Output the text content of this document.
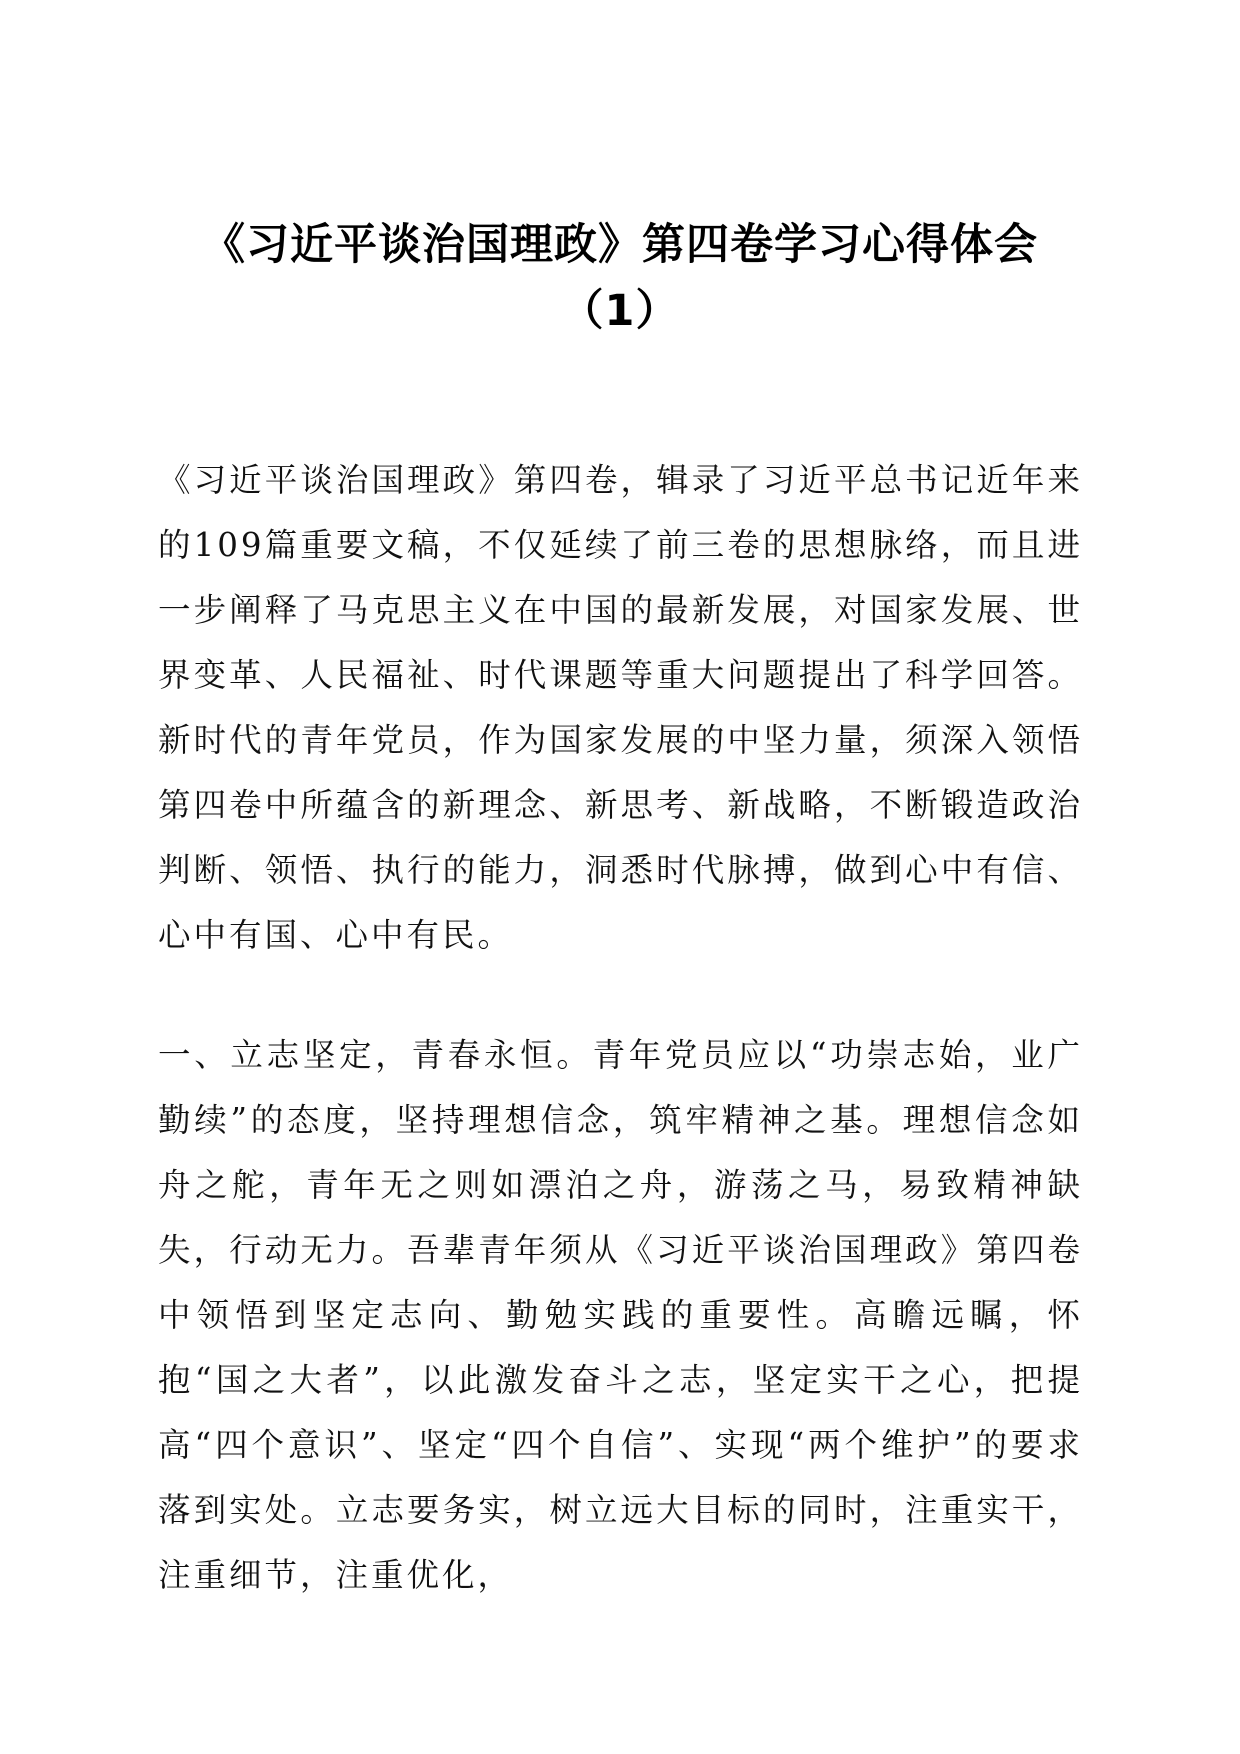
《习近平谈治国理政》第四卷学习心得体会
（1）

《习近平谈治国理政》第四卷，辑录了习近平总书记近年来的109篇重要文稿，不仅延续了前三卷的思想脉络，而且进一步阐释了马克思主义在中国的最新发展，对国家发展、世界变革、人民福祉、时代课题等重大问题提出了科学回答。新时代的青年党员，作为国家发展的中坚力量，须深入领悟第四卷中所蕴含的新理念、新思考、新战略，不断锻造政治判断、领悟、执行的能力，洞悉时代脉搏，做到心中有信、心中有国、心中有民。

一、立志坚定，青春永恒。青年党员应以“功崇志始，业广勤续”的态度，坚持理想信念，筑牢精神之基。理想信念如舟之舵，青年无之则如漂泊之舟，游荡之马，易致精神缺失，行动无力。吾辈青年须从《习近平谈治国理政》第四卷中领悟到坚定志向、勤勉实践的重要性。高瞻远瞩，怀抱“国之大者”，以此激发奋斗之志，坚定实干之心，把提高“四个意识”、坚定“四个自信”、实现“两个维护”的要求落到实处。立志要务实，树立远大目标的同时，注重实干，注重细节，注重优化，
